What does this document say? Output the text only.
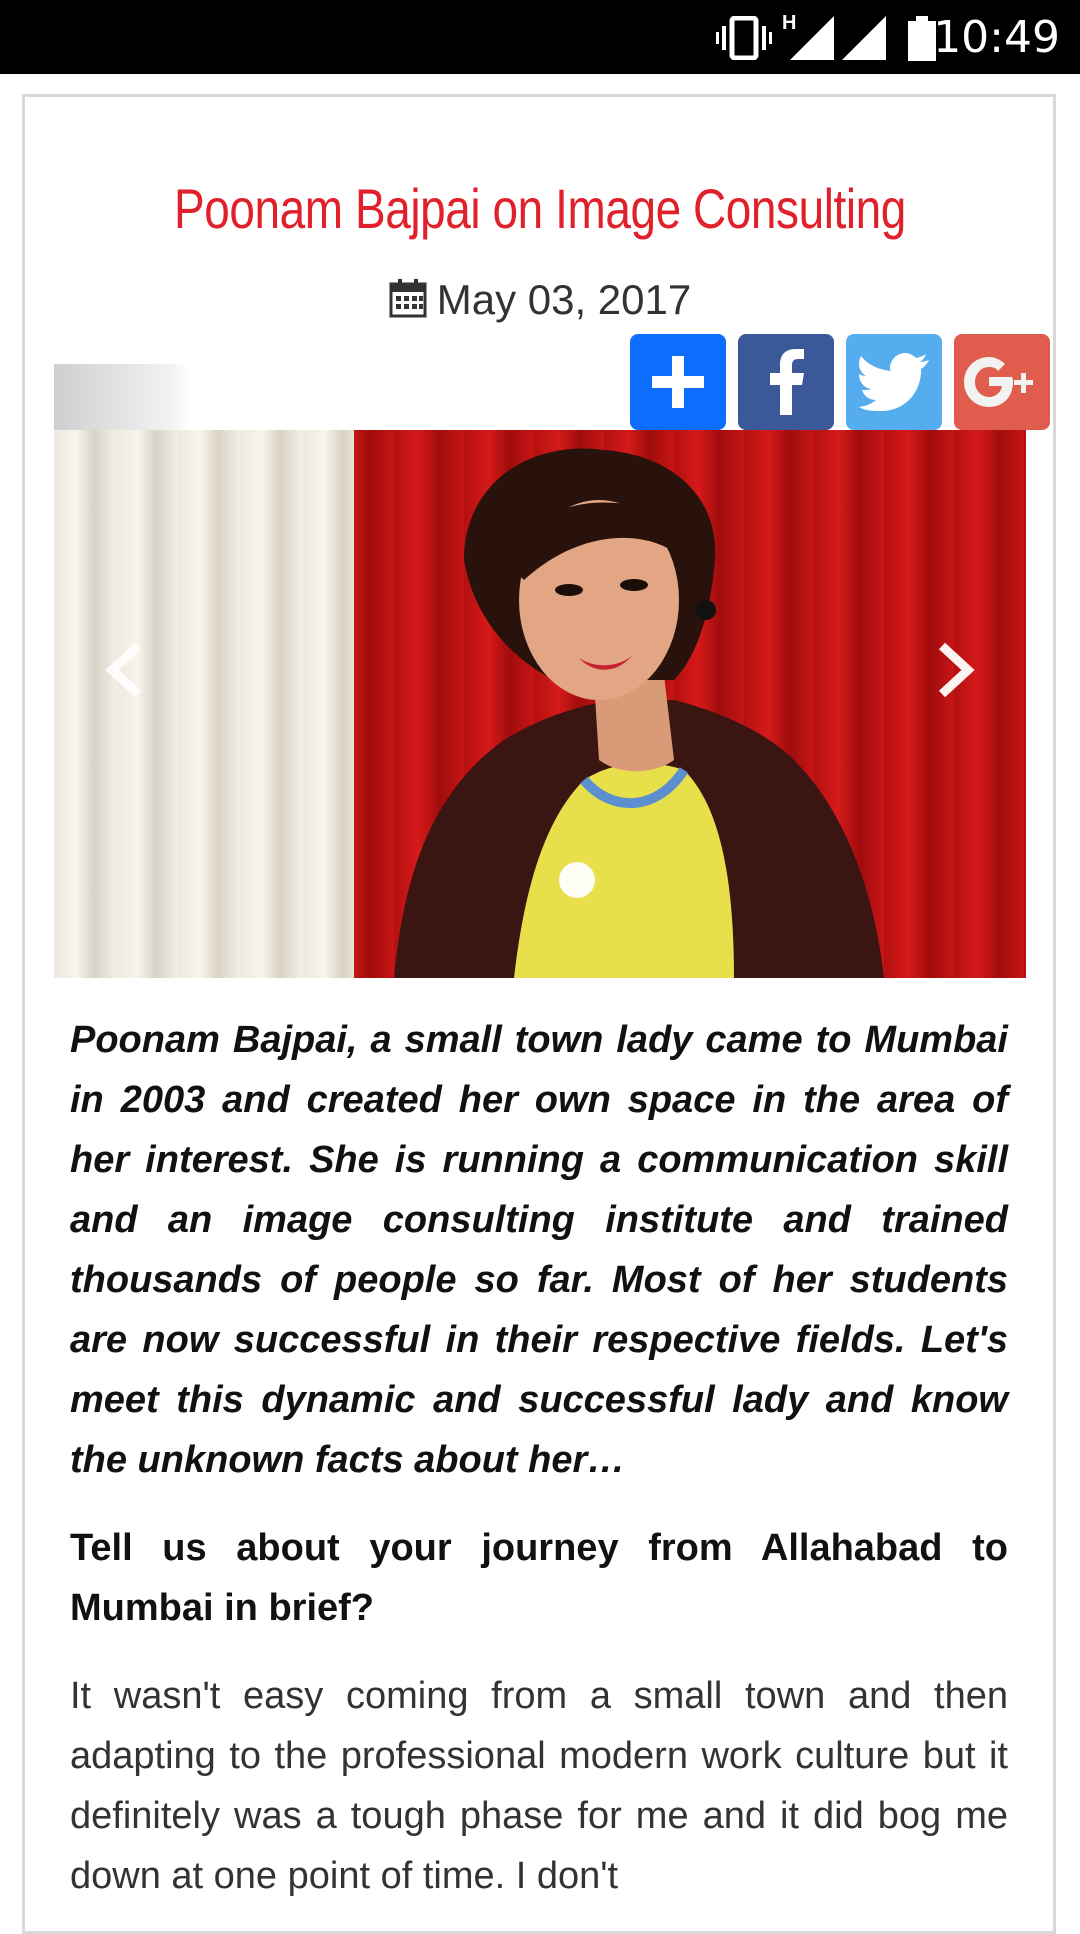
H	10:49
Poonam Bajpai on Image Consulting
May 03, 2017

Poonam Bajpai, a small town lady came to Mumbai in 2003 and created her own space in the area of her interest. She is running a communication skill and an image consulting institute and trained thousands of people so far. Most of her students are now successful in their respective fields. Let's meet this dynamic and successful lady and know the unknown facts about her…

Tell us about your journey from Allahabad to Mumbai in brief?

It wasn't easy coming from a small town and then adapting to the professional modern work culture but it definitely was a tough phase for me and it did bog me down at one point of time. I don't
